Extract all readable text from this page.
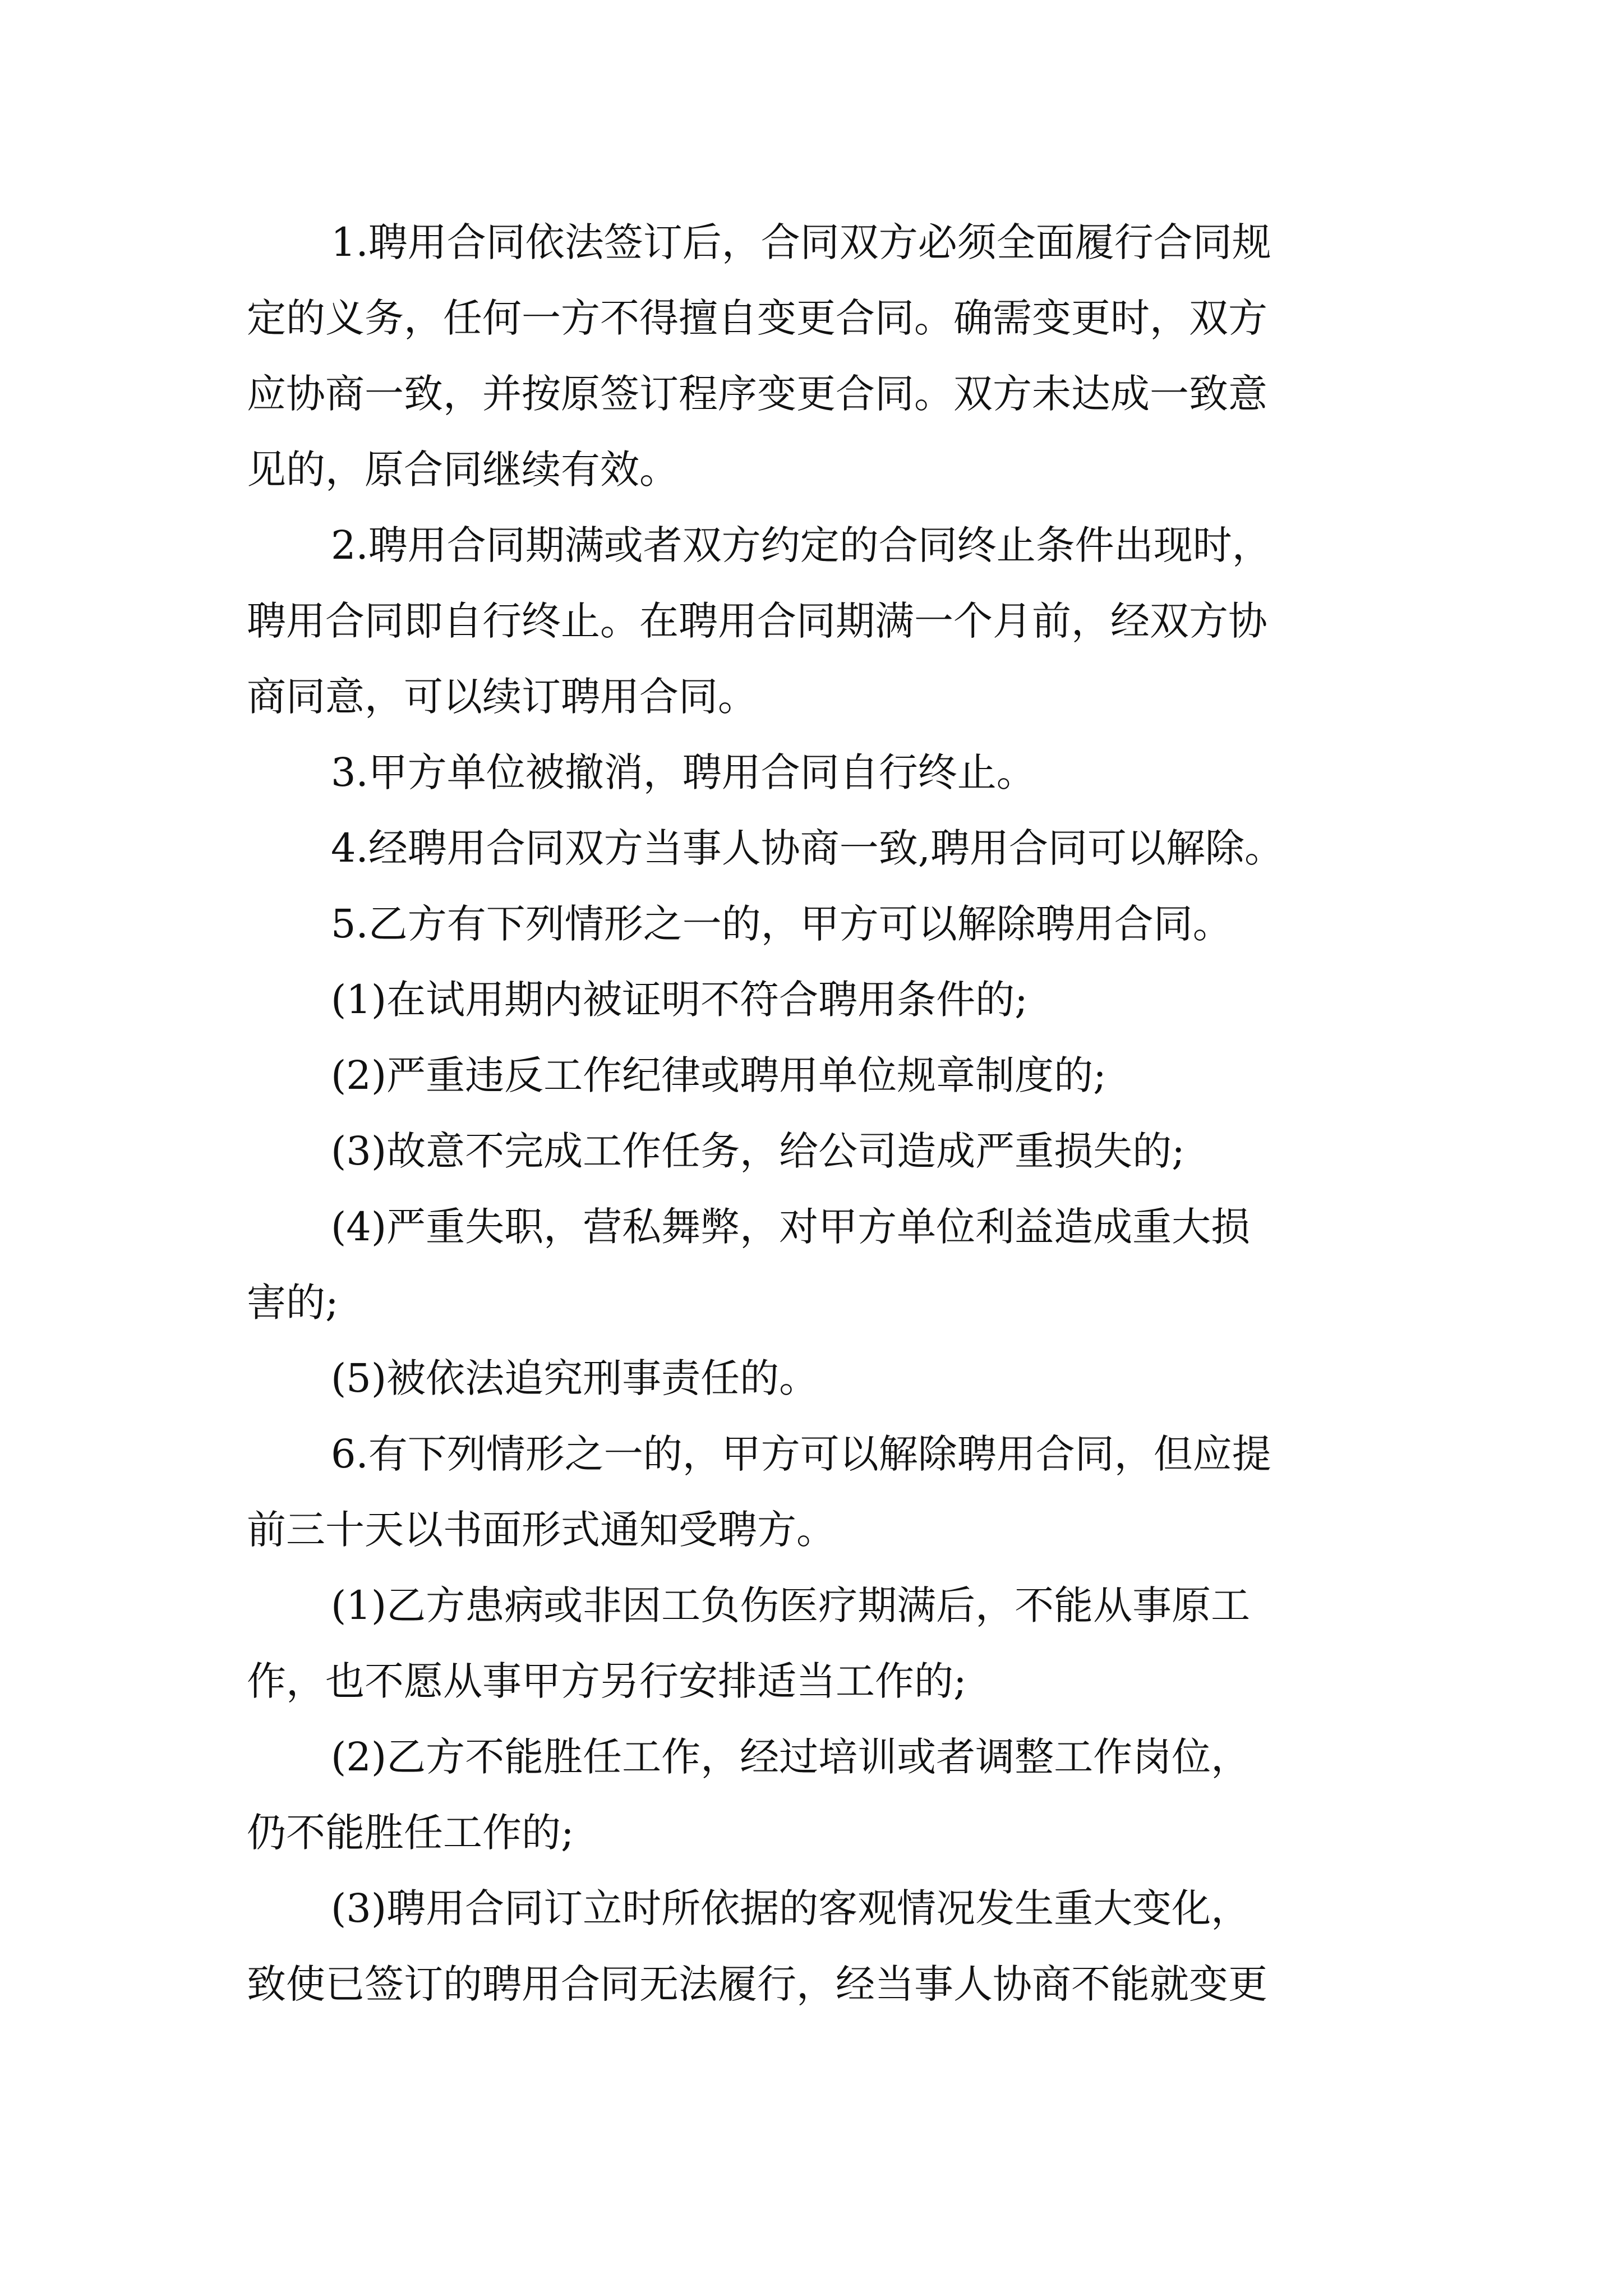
1.聘用合同依法签订后，合同双方必须全面履行合同规
定的义务，任何一方不得擅自变更合同。确需变更时，双方
应协商一致，并按原签订程序变更合同。双方未达成一致意
见的，原合同继续有效。
2.聘用合同期满或者双方约定的合同终止条件出现时，
聘用合同即自行终止。在聘用合同期满一个月前，经双方协
商同意，可以续订聘用合同。
3.甲方单位被撤消，聘用合同自行终止。
4.经聘用合同双方当事人协商一致,聘用合同可以解除。
5.乙方有下列情形之一的，甲方可以解除聘用合同。
(1)在试用期内被证明不符合聘用条件的;
(2)严重违反工作纪律或聘用单位规章制度的;
(3)故意不完成工作任务，给公司造成严重损失的;
(4)严重失职，营私舞弊，对甲方单位利益造成重大损
害的;
(5)被依法追究刑事责任的。
6.有下列情形之一的，甲方可以解除聘用合同，但应提
前三十天以书面形式通知受聘方。
(1)乙方患病或非因工负伤医疗期满后，不能从事原工
作，也不愿从事甲方另行安排适当工作的;
(2)乙方不能胜任工作，经过培训或者调整工作岗位，
仍不能胜任工作的;
(3)聘用合同订立时所依据的客观情况发生重大变化，
致使已签订的聘用合同无法履行，经当事人协商不能就变更
